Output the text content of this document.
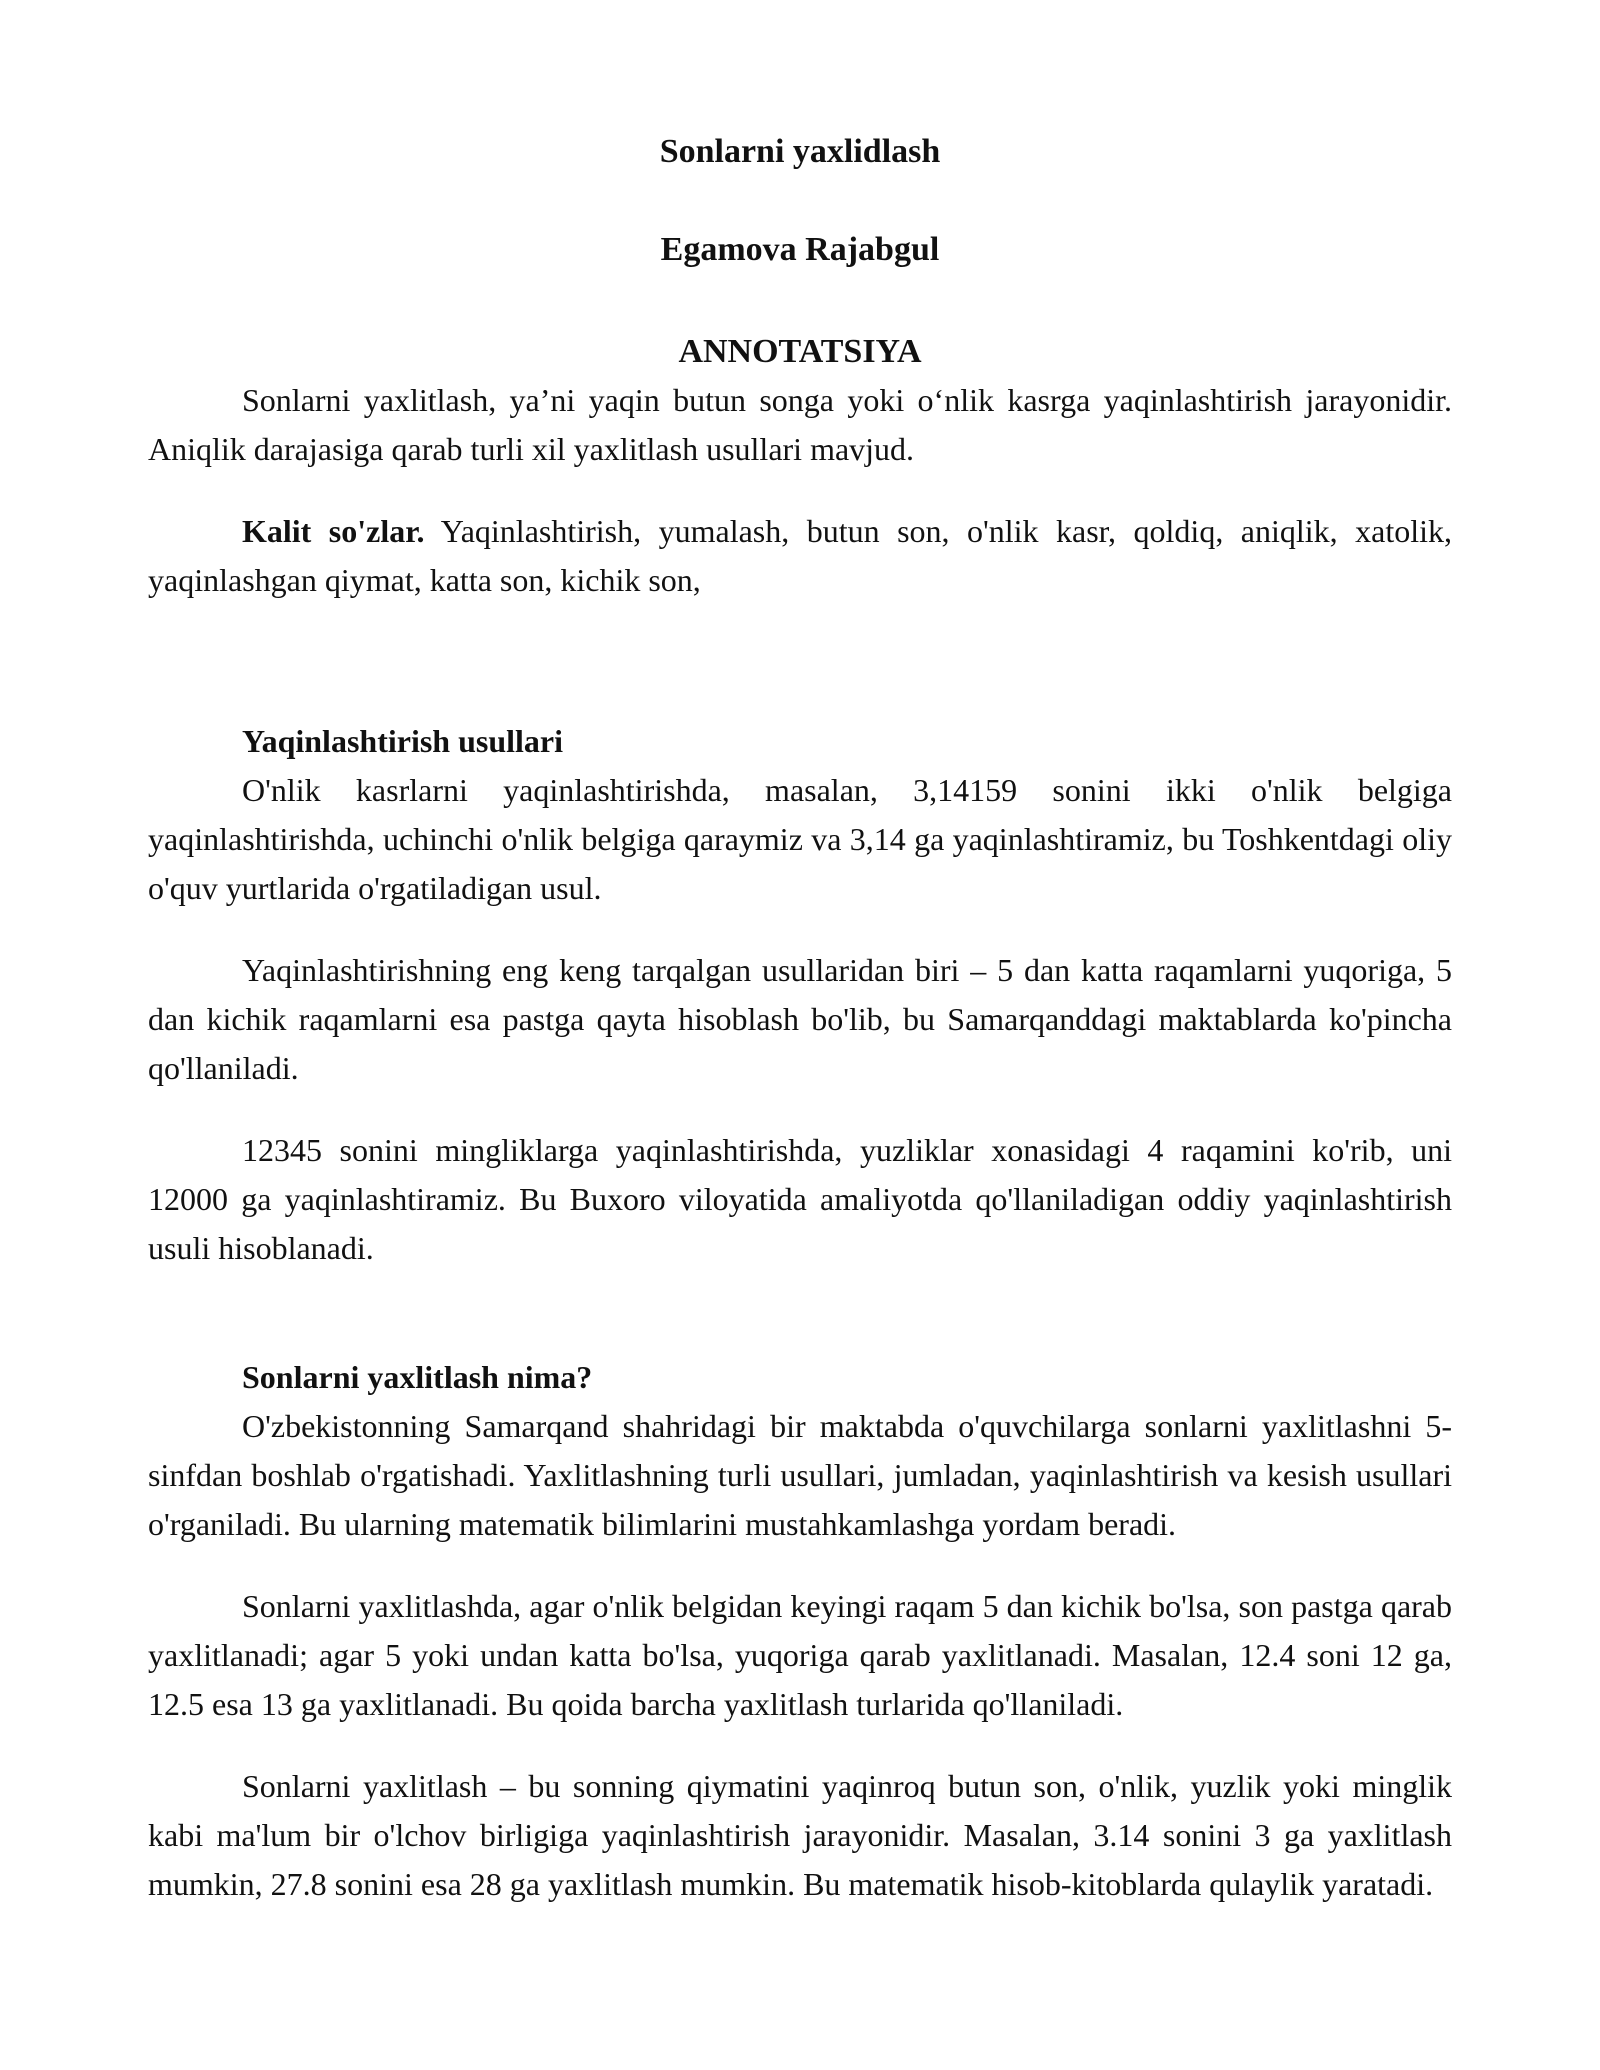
Sonlarni yaxlidlash
Egamova Rajabgul
ANNOTATSIYA

Sonlarni yaxlitlash, ya’ni yaqin butun songa yoki o‘nlik kasrga yaqinlashtirish jarayonidir. Aniqlik darajasiga qarab turli xil yaxlitlash usullari mavjud.

Kalit so'zlar. Yaqinlashtirish, yumalash, butun son, o'nlik kasr, qoldiq, aniqlik, xatolik, yaqinlashgan qiymat, katta son, kichik son,

Yaqinlashtirish usullari

O'nlik kasrlarni yaqinlashtirishda, masalan, 3,14159 sonini ikki o'nlik belgiga yaqinlashtirishda, uchinchi o'nlik belgiga qaraymiz va 3,14 ga yaqinlashtiramiz, bu Toshkentdagi oliy o'quv yurtlarida o'rgatiladigan usul.

Yaqinlashtirishning eng keng tarqalgan usullaridan biri – 5 dan katta raqamlarni yuqoriga, 5 dan kichik raqamlarni esa pastga qayta hisoblash bo'lib, bu Samarqanddagi maktablarda ko'pincha qo'llaniladi.

12345 sonini mingliklarga yaqinlashtirishda, yuzliklar xonasidagi 4 raqamini ko'rib, uni 12000 ga yaqinlashtiramiz. Bu Buxoro viloyatida amaliyotda qo'llaniladigan oddiy yaqinlashtirish usuli hisoblanadi.

Sonlarni yaxlitlash nima?

O'zbekistonning Samarqand shahridagi bir maktabda o'quvchilarga sonlarni yaxlitlashni 5-sinfdan boshlab o'rgatishadi. Yaxlitlashning turli usullari, jumladan, yaqinlashtirish va kesish usullari o'rganiladi. Bu ularning matematik bilimlarini mustahkamlashga yordam beradi.

Sonlarni yaxlitlashda, agar o'nlik belgidan keyingi raqam 5 dan kichik bo'lsa, son pastga qarab yaxlitlanadi; agar 5 yoki undan katta bo'lsa, yuqoriga qarab yaxlitlanadi. Masalan, 12.4 soni 12 ga, 12.5 esa 13 ga yaxlitlanadi. Bu qoida barcha yaxlitlash turlarida qo'llaniladi.

Sonlarni yaxlitlash – bu sonning qiymatini yaqinroq butun son, o'nlik, yuzlik yoki minglik kabi ma'lum bir o'lchov birligiga yaqinlashtirish jarayonidir. Masalan, 3.14 sonini 3 ga yaxlitlash mumkin, 27.8 sonini esa 28 ga yaxlitlash mumkin. Bu matematik hisob-kitoblarda qulaylik yaratadi.
